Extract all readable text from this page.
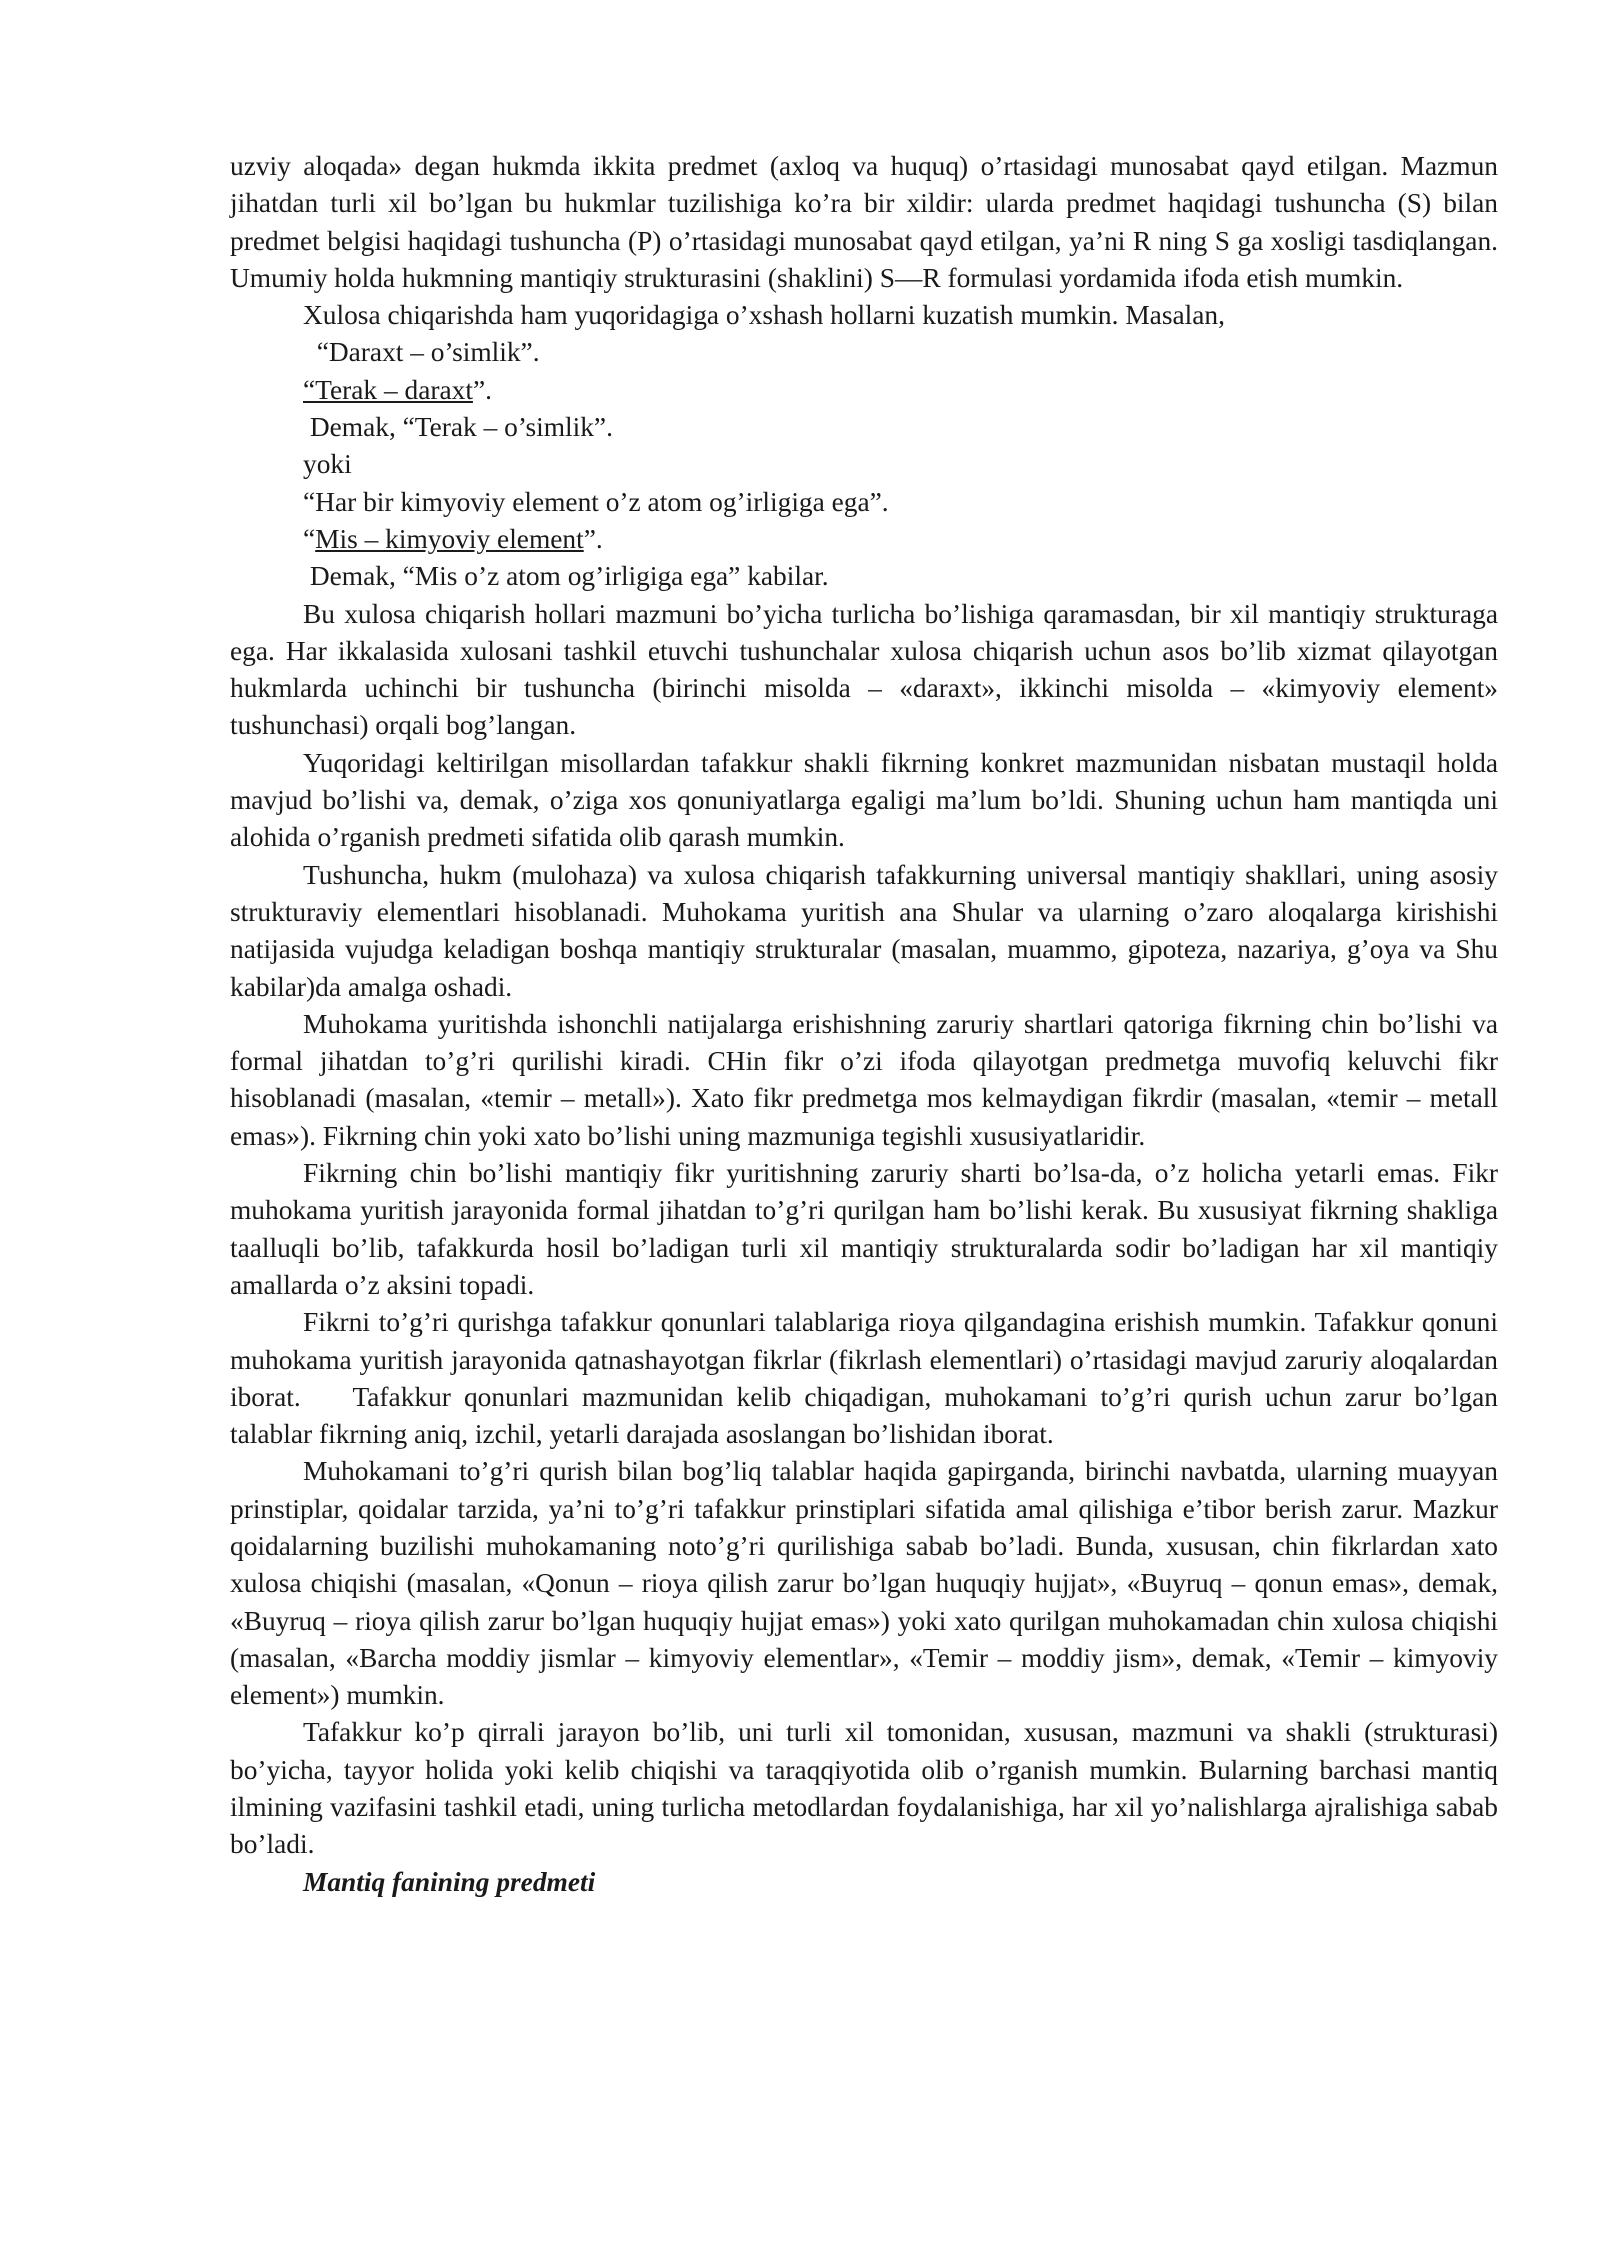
uzviy aloqada» degan hukmda ikkita predmet (axloq va huquq) o’rtasidagi munosabat qayd etilgan. Mazmun jihatdan turli xil bo’lgan bu hukmlar tuzilishiga ko’ra bir xildir: ularda predmet haqidagi tushuncha (S) bilan predmet belgisi haqidagi tushuncha (P) o’rtasidagi munosabat qayd etilgan, ya’ni R ning S ga xosligi tasdiqlangan. Umumiy holda hukmning mantiqiy strukturasini (shaklini) S—R formulasi yordamida ifoda etish mumkin.

Xulosa chiqarishda ham yuqoridagiga o’xshash hollarni kuzatish mumkin. Masalan,

“Daraxt – o’simlik”.

“Terak – daraxt”.

Demak, “Terak – o’simlik”.

yoki

“Har bir kimyoviy element o’z atom og’irligiga ega”.

“Mis – kimyoviy element”.

Demak, “Mis o’z atom og’irligiga ega” kabilar.

Bu xulosa chiqarish hollari mazmuni bo’yicha turlicha bo’lishiga qaramasdan, bir xil mantiqiy strukturaga ega. Har ikkalasida xulosani tashkil etuvchi tushunchalar xulosa chiqarish uchun asos bo’lib xizmat qilayotgan hukmlarda uchinchi bir tushuncha (birinchi misolda – «daraxt», ikkinchi misolda – «kimyoviy element» tushunchasi) orqali bog’langan.

Yuqoridagi keltirilgan misollardan tafakkur shakli fikrning konkret mazmunidan nisbatan mustaqil holda mavjud bo’lishi va, demak, o’ziga xos qonuniyatlarga egaligi ma’lum bo’ldi. Shuning uchun ham mantiqda uni alohida o’rganish predmeti sifatida olib qarash mumkin.

Tushuncha, hukm (mulohaza) va xulosa chiqarish tafakkurning universal mantiqiy shakllari, uning asosiy strukturaviy elementlari hisoblanadi. Muhokama yuritish ana Shular va ularning o’zaro aloqalarga kirishishi natijasida vujudga keladigan boshqa mantiqiy strukturalar (masalan, muammo, gipoteza, nazariya, g’oya va Shu kabilar)da amalga oshadi.

Muhokama yuritishda ishonchli natijalarga erishishning zaruriy shartlari qatoriga fikrning chin bo’lishi va formal jihatdan to’g’ri qurilishi kiradi. CHin fikr o’zi ifoda qilayotgan predmetga muvofiq keluvchi fikr hisoblanadi (masalan, «temir – metall»). Xato fikr predmetga mos kelmaydigan fikrdir (masalan, «temir – metall emas»). Fikrning chin yoki xato bo’lishi uning mazmuniga tegishli xususiyatlaridir.

Fikrning chin bo’lishi mantiqiy fikr yuritishning zaruriy sharti bo’lsa-da, o’z holicha yetarli emas. Fikr muhokama yuritish jarayonida formal jihatdan to’g’ri qurilgan ham bo’lishi kerak. Bu xususiyat fikrning shakliga taalluqli bo’lib, tafakkurda hosil bo’ladigan turli xil mantiqiy strukturalarda sodir bo’ladigan har xil mantiqiy amallarda o’z aksini topadi.

Fikrni to’g’ri qurishga tafakkur qonunlari talablariga rioya qilgandagina erishish mumkin. Tafakkur qonuni muhokama yuritish jarayonida qatnashayotgan fikrlar (fikrlash elementlari) o’rtasidagi mavjud zaruriy aloqalardan iborat.    Tafakkur qonunlari mazmunidan kelib chiqadigan, muhokamani to’g’ri qurish uchun zarur bo’lgan talablar fikrning aniq, izchil, yetarli darajada asoslangan bo’lishidan iborat.

Muhokamani to’g’ri qurish bilan bog’liq talablar haqida gapirganda, birinchi navbatda, ularning muayyan prinstiplar, qoidalar tarzida, ya’ni to’g’ri tafakkur prinstiplari sifatida amal qilishiga e’tibor berish zarur. Mazkur qoidalarning buzilishi muhokamaning noto’g’ri qurilishiga sabab bo’ladi. Bunda, xususan, chin fikrlardan xato xulosa chiqishi (masalan, «Qonun – rioya qilish zarur bo’lgan huquqiy hujjat», «Buyruq – qonun emas», demak, «Buyruq – rioya qilish zarur bo’lgan huquqiy hujjat emas») yoki xato qurilgan muhokamadan chin xulosa chiqishi (masalan, «Barcha moddiy jismlar – kimyoviy elementlar», «Temir – moddiy jism», demak, «Temir – kimyoviy element») mumkin.

Tafakkur ko’p qirrali jarayon bo’lib, uni turli xil tomonidan, xususan, mazmuni va shakli (strukturasi) bo’yicha, tayyor holida yoki kelib chiqishi va taraqqiyotida olib o’rganish mumkin. Bularning barchasi mantiq ilmining vazifasini tashkil etadi, uning turlicha metodlardan foydalanishiga, har xil yo’nalishlarga ajralishiga sabab bo’ladi.

Mantiq fanining predmeti
